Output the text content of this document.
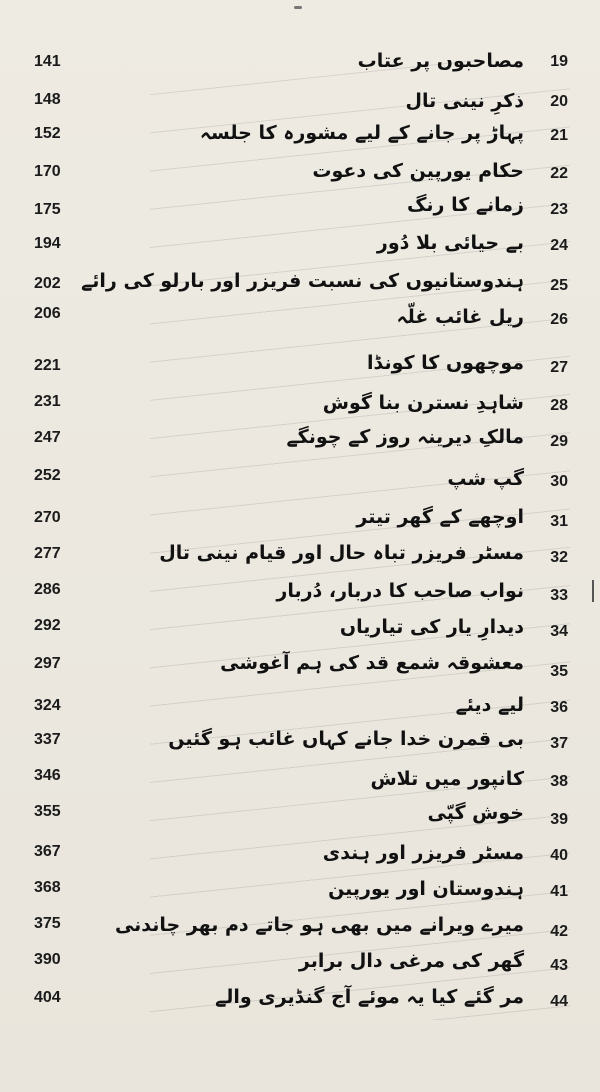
141	مصاحبوں پر عتاب	19
148	ذکرِ نینی تال	20
152	پہاڑ پر جانے کے لیے مشورہ کا جلسہ	21
170	حکام یورپین کی دعوت	22
175	زمانے کا رنگ	23
194	بے حیائی بلا دُور	24
202	ہندوستانیوں کی نسبت فریزر اور بارلو کی رائے	25
206	ریل غائب غلّہ	26
221	موچھوں کا کونڈا	27
231	شاہدِ نسترن بنا گوش	28
247	مالکِ دیرینہ روز کے چونگے	29
252	گپ شپ	30
270	اوچھے کے گھر تیتر	31
277	مسٹر فریزر تباہ حال اور قیام نینی تال	32
286	نواب صاحب کا دربار، دُربار	33
292	دیدارِ یار کی تیاریاں	34
297	معشوقہ شمع قد کی ہم آغوشی	35
324	لیے دیئے	36
337	بی قمرن خدا جانے کہاں غائب ہو گئیں	37
346	کانپور میں تلاش	38
355	خوش گپّی	39
367	مسٹر فریزر اور ہندی	40
368	ہندوستان اور یورپین	41
375	میرے ویرانے میں بھی ہو جاتے دم بھر چاندنی	42
390	گھر کی مرغی دال برابر	43
404	مر گئے کیا یہ موئے آج گنڈیری والے	44
